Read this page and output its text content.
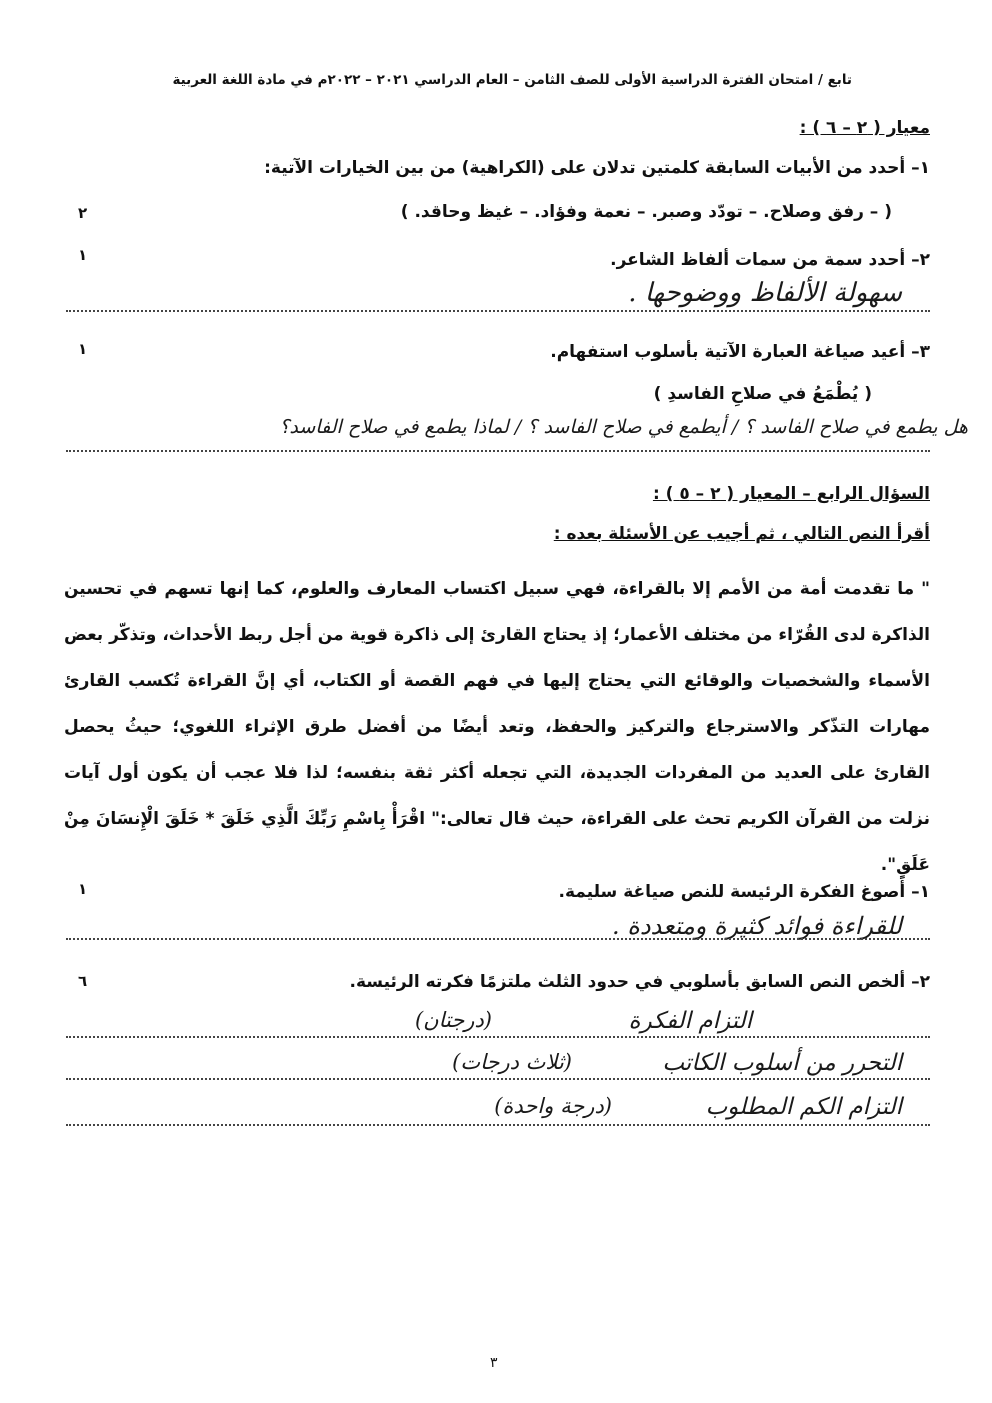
تابع / امتحان الفترة الدراسية الأولى للصف الثامن – العام الدراسي ٢٠٢١ – ٢٠٢٢م في مادة اللغة العربية
معيار ( ٢ – ٦ ) :
١– أحدد من الأبيات السابقة كلمتين تدلان على (الكراهية) من بين الخيارات الآتية:
( – رفق وصلاح. – تودّد وصبر. – نعمة وفؤاد. – غيظ وحاقد. )
٢
٢– أحدد سمة من سمات ألفاظ الشاعر.
١
سهولة الألفاظ ووضوحها .
٣– أعيد صياغة العبارة الآتية بأسلوب استفهام.
١
( يُطْمَعُ في صلاحِ الفاسدِ )
هل يطمع في صلاح الفاسد ؟ / أيطمع في صلاح الفاسد ؟ / لماذا يطمع في صلاح الفاسد؟
السؤال الرابع – المعيار ( ٢ – ٥ ) :
أقرأ النص التالي ، ثم أجيب عن الأسئلة بعده :
" ما تقدمت أمة من الأمم إلا بالقراءة، فهي سبيل اكتساب المعارف والعلوم، كما إنها تسهم في تحسين الذاكرة لدى القُرّاء من مختلف الأعمار؛ إذ يحتاج القارئ إلى ذاكرة قوية من أجل ربط الأحداث، وتذكّر بعض الأسماء والشخصيات والوقائع التي يحتاج إليها في فهم القصة أو الكتاب، أي إنَّ القراءة تُكسب القارئ مهارات التذّكر والاسترجاع والتركيز والحفظ، وتعد أيضًا من أفضل طرق الإثراء اللغوي؛ حيثُ يحصل القارئ على العديد من المفردات الجديدة، التي تجعله أكثر ثقة بنفسه؛ لذا فلا عجب أن يكون أول آيات نزلت من القرآن الكريم تحث على القراءة، حيث قال تعالى:" اقْرَأْ بِاسْمِ رَبِّكَ الَّذِي خَلَقَ * خَلَقَ الْإِنسَانَ مِنْ عَلَقٍ".
١– أصوغ الفكرة الرئيسة للنص صياغة سليمة.
١
للقراءة فوائد كثيرة ومتعددة .
٢– ألخص النص السابق بأسلوبي في حدود الثلث ملتزمًا فكرته الرئيسة.
٦
التزام الفكرة
(درجتان)
التحرر من أسلوب الكاتب
(ثلاث درجات)
التزام الكم المطلوب
(درجة واحدة)
٣
